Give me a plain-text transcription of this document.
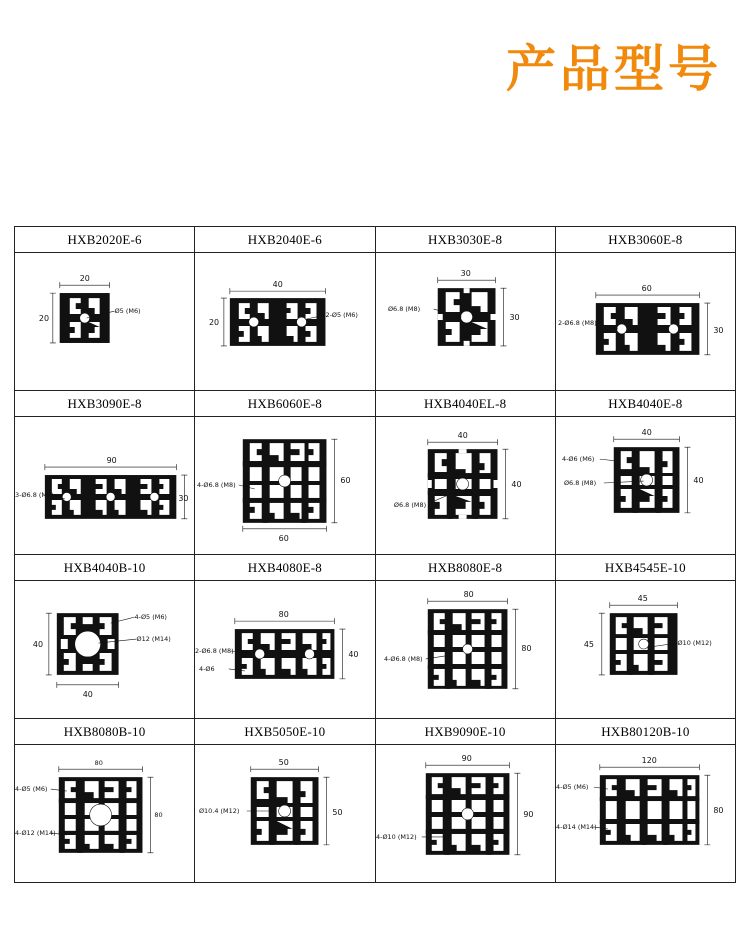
产品型号
HXB2020E-6
20
20
Ø5 (M6)
HXB2040E-6
40
20
2-Ø5 (M6)
HXB3030E-8
30
30
Ø6.8 (M8)
HXB3060E-8
60
30
2-Ø6.8 (M8)
HXB3090E-8
90
30
3-Ø6.8 (M8)
HXB6060E-8
60
60
4-Ø6.8 (M8)
HXB4040EL-8
40
40
Ø6.8 (M8)
HXB4040E-8
40
40
4-Ø6 (M6)
Ø6.8 (M8)
HXB4040B-10
40
40
4-Ø5 (M6)
Ø12 (M14)
HXB4080E-8
80
40
2-Ø6.8 (M8)
4-Ø6
HXB8080E-8
80
80
4-Ø6.8 (M8)
HXB4545E-10
45
45	Ø10 (M12)
HXB8080B-10
80
80
4-Ø5 (M6)
4-Ø12 (M14)
HXB5050E-10
50
50
Ø10.4 (M12)
HXB9090E-10
90
90
4-Ø10 (M12)
HXB80120B-10
120
80
4-Ø5 (M6)
4-Ø14 (M14)
